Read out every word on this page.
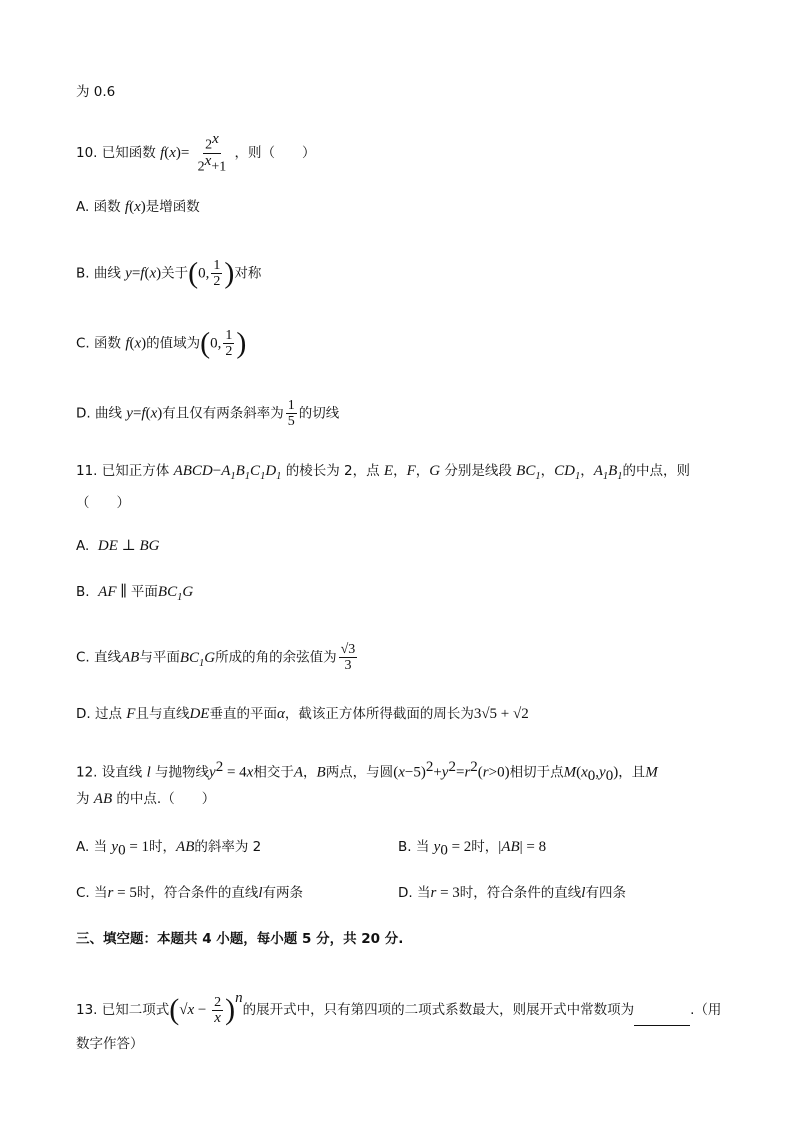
为 0.6
10. 已知函数 $f(x)= \frac{2^x}{2^x+1}$ ，则（　　）
A. 函数 f(x)是增函数
B. 曲线 y=f(x)关于(0, $\frac{1}{2}$ )对称
C. 函数 f(x)的值域为(0, $\frac{1}{2}$ )
D. 曲线 y=f(x)有且仅有两条斜率为 $\frac{1}{5}$ 的切线
11. 已知正方体 $ABCD-A_1B_1C_1D_1$ 的棱长为 2，点 E，F，G 分别是线段 $BC_1$，$CD_1$，$A_1B_1$的中点，则
（　　）
A. DE ⊥ BG
B. AF ∥ 平面$BC_1G$
C. 直线AB与平面$BC_1G$所成的角的余弦值为 $\frac{√3}{3}$
D. 过点 F且与直线DE垂直的平面α，截该正方体所得截面的周长为3√5 + √2
12. 设直线 l 与抛物线$y^2 = 4x$相交于A，B两点，与圆$(x-5)^2+y^2=r^2(r>0)$相切于点$M(x_0,y_0)$，且M
为 AB 的中点.（　　）
A. 当 $y_0 = 1$时，AB的斜率为 2	B. 当 $y_0 = 2$时，|AB| = 8
C. 当r = 5时，符合条件的直线l有两条	D. 当r = 3时，符合条件的直线l有四条
三、填空题：本题共 4 小题，每小题 5 分，共 20 分.
13. 已知二项式$(√x - \frac{2}{x} )^n$的展开式中，只有第四项的二项式系数最大，则展开式中常数项为	.（用
数字作答）
